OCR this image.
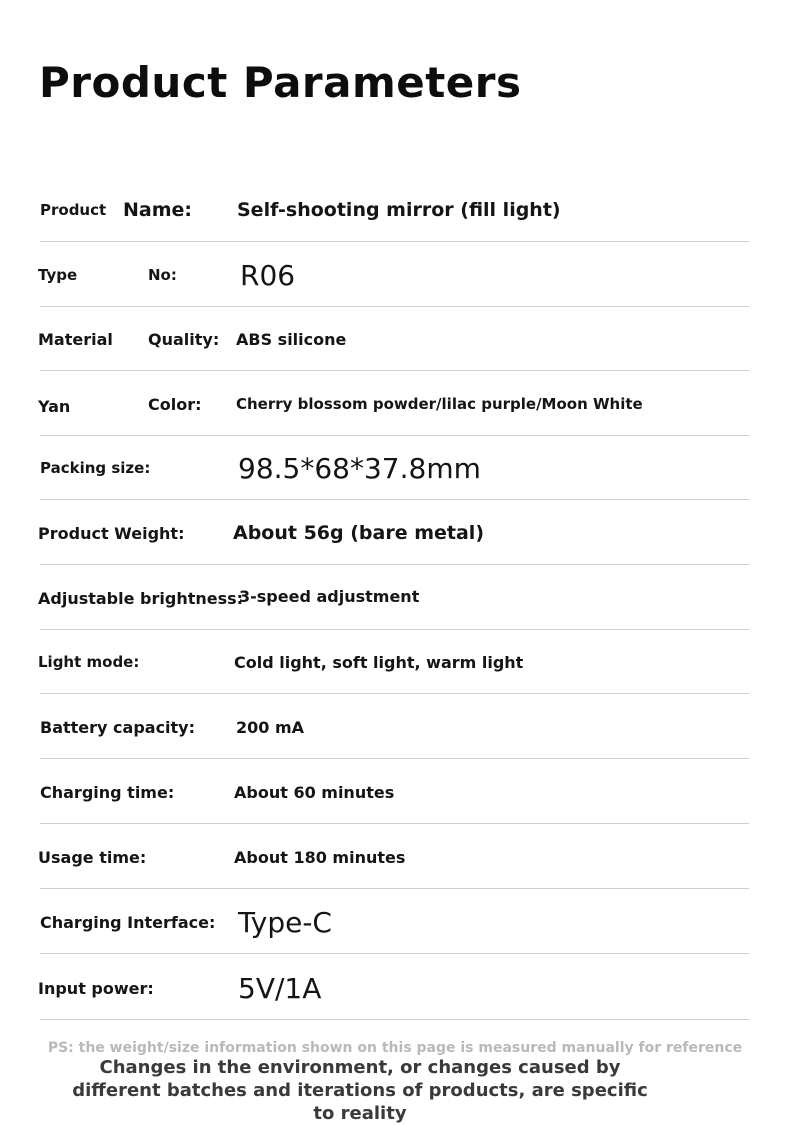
Product Parameters
Product Name: Self-shooting mirror (fill light)
Type	No: R06
Material Quality: ABS silicone
Yan	Color: Cherry blossom powder/lilac purple/Moon White
Packing size:	98.5*68*37.8mm
Product Weight:	About 56g (bare metal)
Adjustable brightness:
3-speed adjustment
Light mode:	Cold light, soft light, warm light
Battery capacity:	200 mA
Charging time:	About 60 minutes
Usage time:	About 180 minutes
Charging Interface: Type-C
Input power:	5V/1A
PS: the weight/size information shown on this page is measured manually for reference
Changes in the environment, or changes caused by different batches and iterations of products, are specific to reality
